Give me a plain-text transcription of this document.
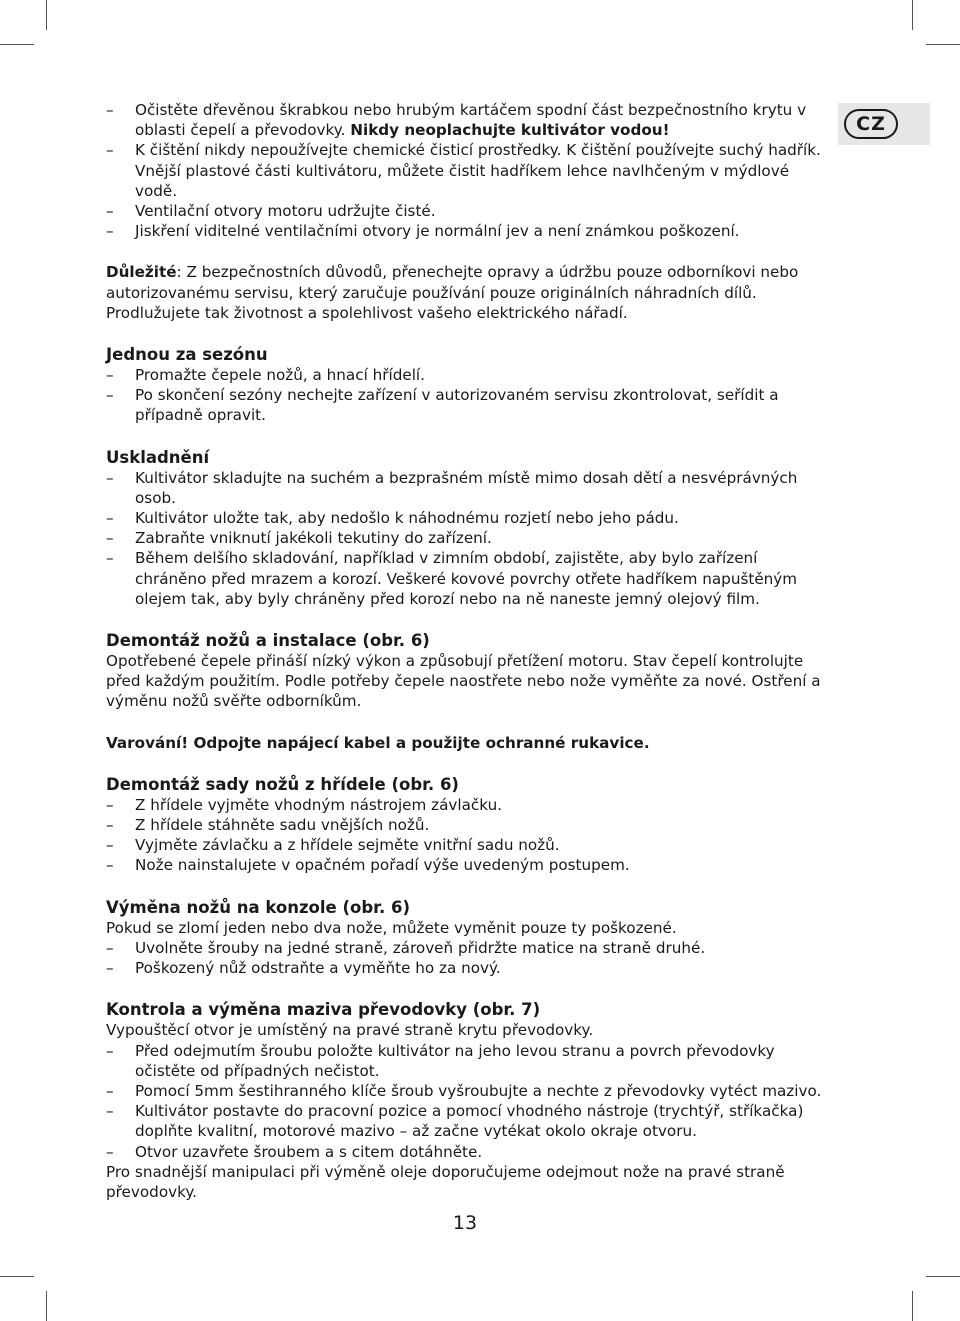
CZ
– Očistěte dřevěnou škrabkou nebo hrubým kartáčem spodní část bezpečnostního krytu v oblasti čepelí a převodovky. Nikdy neoplachujte kultivátor vodou!
– K čištění nikdy nepoužívejte chemické čisticí prostředky. K čištění používejte suchý hadřík. Vnější plastové části kultivátoru, můžete čistit hadříkem lehce navlhčeným v mýdlové vodě.
– Ventilační otvory motoru udržujte čisté.
– Jiskření viditelné ventilačními otvory je normální jev a není známkou poškození.

Důležité: Z bezpečnostních důvodů, přenechejte opravy a údržbu pouze odborníkovi nebo autorizovanému servisu, který zaručuje používání pouze originálních náhradních dílů. Prodlužujete tak životnost a spolehlivost vašeho elektrického nářadí.

Jednou za sezónu
– Promažte čepele nožů, a hnací hřídelí.
– Po skončení sezóny nechejte zařízení v autorizovaném servisu zkontrolovat, seřídit a případně opravit.
Uskladnění
– Kultivátor skladujte na suchém a bezprašném místě mimo dosah dětí a nesvéprávných osob.
– Kultivátor uložte tak, aby nedošlo k náhodnému rozjetí nebo jeho pádu.
– Zabraňte vniknutí jakékoli tekutiny do zařízení.
– Během delšího skladování, například v zimním období, zajistěte, aby bylo zařízení chráněno před mrazem a korozí. Veškeré kovové povrchy otřete hadříkem napuštěným olejem tak, aby byly chráněny před korozí nebo na ně naneste jemný olejový film.
Demontáž nožů a instalace (obr. 6)

Opotřebené čepele přináší nízký výkon a způsobují přetížení motoru. Stav čepelí kontrolujte před každým použitím. Podle potřeby čepele naostřete nebo nože vyměňte za nové. Ostření a výměnu nožů svěřte odborníkům.

Varování! Odpojte napájecí kabel a použijte ochranné rukavice.

Demontáž sady nožů z hřídele (obr. 6)
– Z hřídele vyjměte vhodným nástrojem závlačku.
– Z hřídele stáhněte sadu vnějších nožů.
– Vyjměte závlačku a z hřídele sejměte vnitřní sadu nožů.
– Nože nainstalujete v opačném pořadí výše uvedeným postupem.
Výměna nožů na konzole (obr. 6)

Pokud se zlomí jeden nebo dva nože, můžete vyměnit pouze ty poškozené.

– Uvolněte šrouby na jedné straně, zároveň přidržte matice na straně druhé.
– Poškozený nůž odstraňte a vyměňte ho za nový.
Kontrola a výměna maziva převodovky (obr. 7)

Vypouštěcí otvor je umístěný na pravé straně krytu převodovky.

– Před odejmutím šroubu položte kultivátor na jeho levou stranu a povrch převodovky očistěte od případných nečistot.
– Pomocí 5mm šestihranného klíče šroub vyšroubujte a nechte z převodovky vytéct mazivo.
– Kultivátor postavte do pracovní pozice a pomocí vhodného nástroje (trychtýř, stříkačka) doplňte kvalitní, motorové mazivo – až začne vytékat okolo okraje otvoru.
– Otvor uzavřete šroubem a s citem dotáhněte.

Pro snadnější manipulaci při výměně oleje doporučujeme odejmout nože na pravé straně převodovky.

13
